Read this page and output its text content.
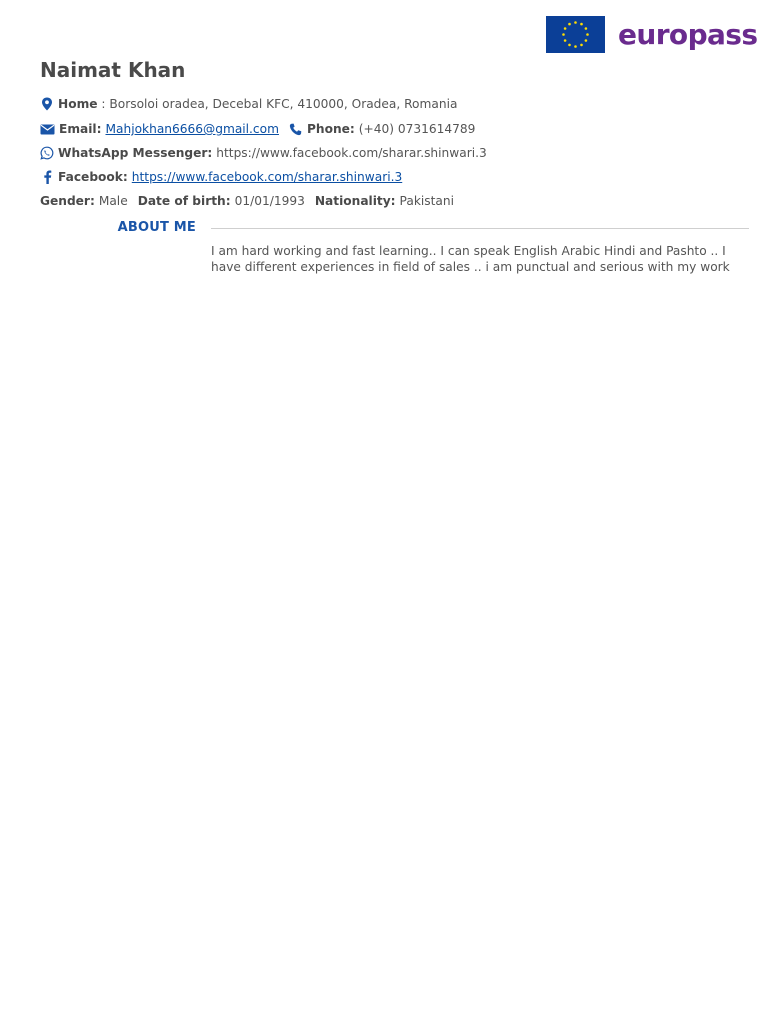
europass
Naimat Khan
Home : Borsoloi oradea, Decebal KFC, 410000, Oradea, Romania
Email: Mahjokhan6666@gmail.com Phone: (+40) 0731614789
WhatsApp Messenger: https://www.facebook.com/sharar.shinwari.3
Facebook: https://www.facebook.com/sharar.shinwari.3
Gender: Male Date of birth: 01/01/1993 Nationality: Pakistani
ABOUT ME
I am hard working and fast learning.. I can speak English Arabic Hindi and Pashto .. I have different experiences in field of sales .. i am punctual and serious with my work
